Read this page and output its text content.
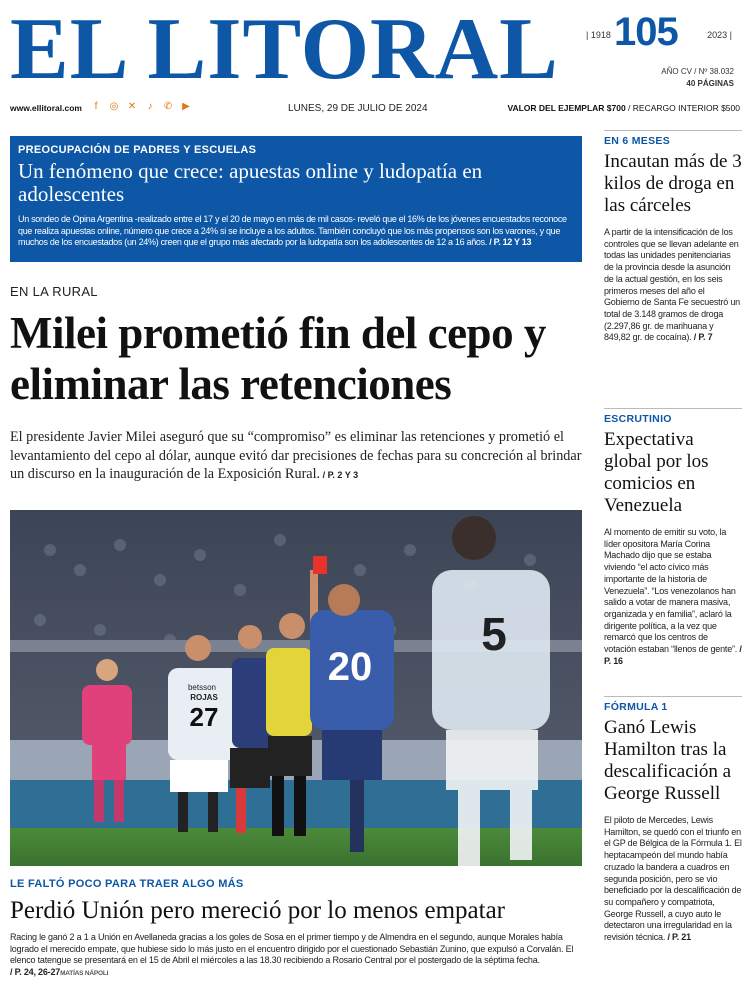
EL LITORAL	| 1918 105	2023 |
AÑO CV / Nº 38.032
40 PÁGINAS
www.ellitoral.com	f	◎ ✕	♪	✆ ▶	LUNES, 29 DE JULIO DE 2024	VALOR DEL EJEMPLAR $700 / RECARGO INTERIOR $500
PREOCUPACIÓN DE PADRES Y ESCUELAS
Un fenómeno que crece: apuestas online y ludopatía en adolescentes
Un sondeo de Opina Argentina -realizado entre el 17 y el 20 de mayo en más de mil casos- reveló que el 16% de los jóvenes encuestados reconoce que realiza apuestas online, número que crece a 24% si se incluye a los adultos. También concluyó que los más propensos son los varones, y que muchos de los encuestados (un 24%) creen que el grupo más afectado por la ludopatía son los adolescentes de 12 a 16 años. / P. 12 Y 13
EN LA RURAL
Milei prometió fin del cepo y eliminar las retenciones
El presidente Javier Milei aseguró que su “compromiso” es eliminar las retenciones y prometió el levantamiento del cepo al dólar, aunque evitó dar precisiones de fechas para su concreción al brindar un discurso en la inauguración de la Exposición Rural. / P. 2 Y 3
betsson
ROJAS
27
20
5
LE FALTÓ POCO PARA TRAER ALGO MÁS
Perdió Unión pero mereció por lo menos empatar
Racing le ganó 2 a 1 a Unión en Avellaneda gracias a los goles de Sosa en el primer tiempo y de Almendra en el segundo, aunque Morales había logrado el merecido empate, que hubiese sido lo más justo en el encuentro dirigido por el cuestionado Sebastián Zunino, que expulsó a Corvalán. El elenco tatengue se presentará en el 15 de Abril el miércoles a las 18.30 recibiendo a Rosario Central por el postergado de la séptima fecha.
/ P. 24, 26-27MATÍAS NÁPOLI
EN 6 MESES
Incautan más de 3 kilos de droga en las cárceles
A partir de la intensificación de los controles que se llevan adelante en todas las unidades penitenciarias de la provincia desde la asunción de la actual gestión, en los seis primeros meses del año el Gobierno de Santa Fe secuestró un total de 3.148 gramos de droga (2.297,86 gr. de marihuana y 849,82 gr. de cocaína). / P. 7
ESCRUTINIO
Expectativa global por los comicios en Venezuela
Al momento de emitir su voto, la líder opositora María Corina Machado dijo que se estaba viviendo “el acto cívico más importante de la historia de Venezuela”. “Los venezolanos han salido a votar de manera masiva, organizada y en familia”, aclaró la dirigente política, a la vez que remarcó que los centros de votación estaban “llenos de gente”. / P. 16
FÓRMULA 1
Ganó Lewis Hamilton tras la descalificación a George Russell
El piloto de Mercedes, Lewis Hamilton, se quedó con el triunfo en el GP de Bélgica de la Fórmula 1. El heptacampeón del mundo había cruzado la bandera a cuadros en segunda posición, pero se vio beneficiado por la descalificación de su compañero y compatriota, George Russell, a cuyo auto le detectaron una irregularidad en la revisión técnica. / P. 21
